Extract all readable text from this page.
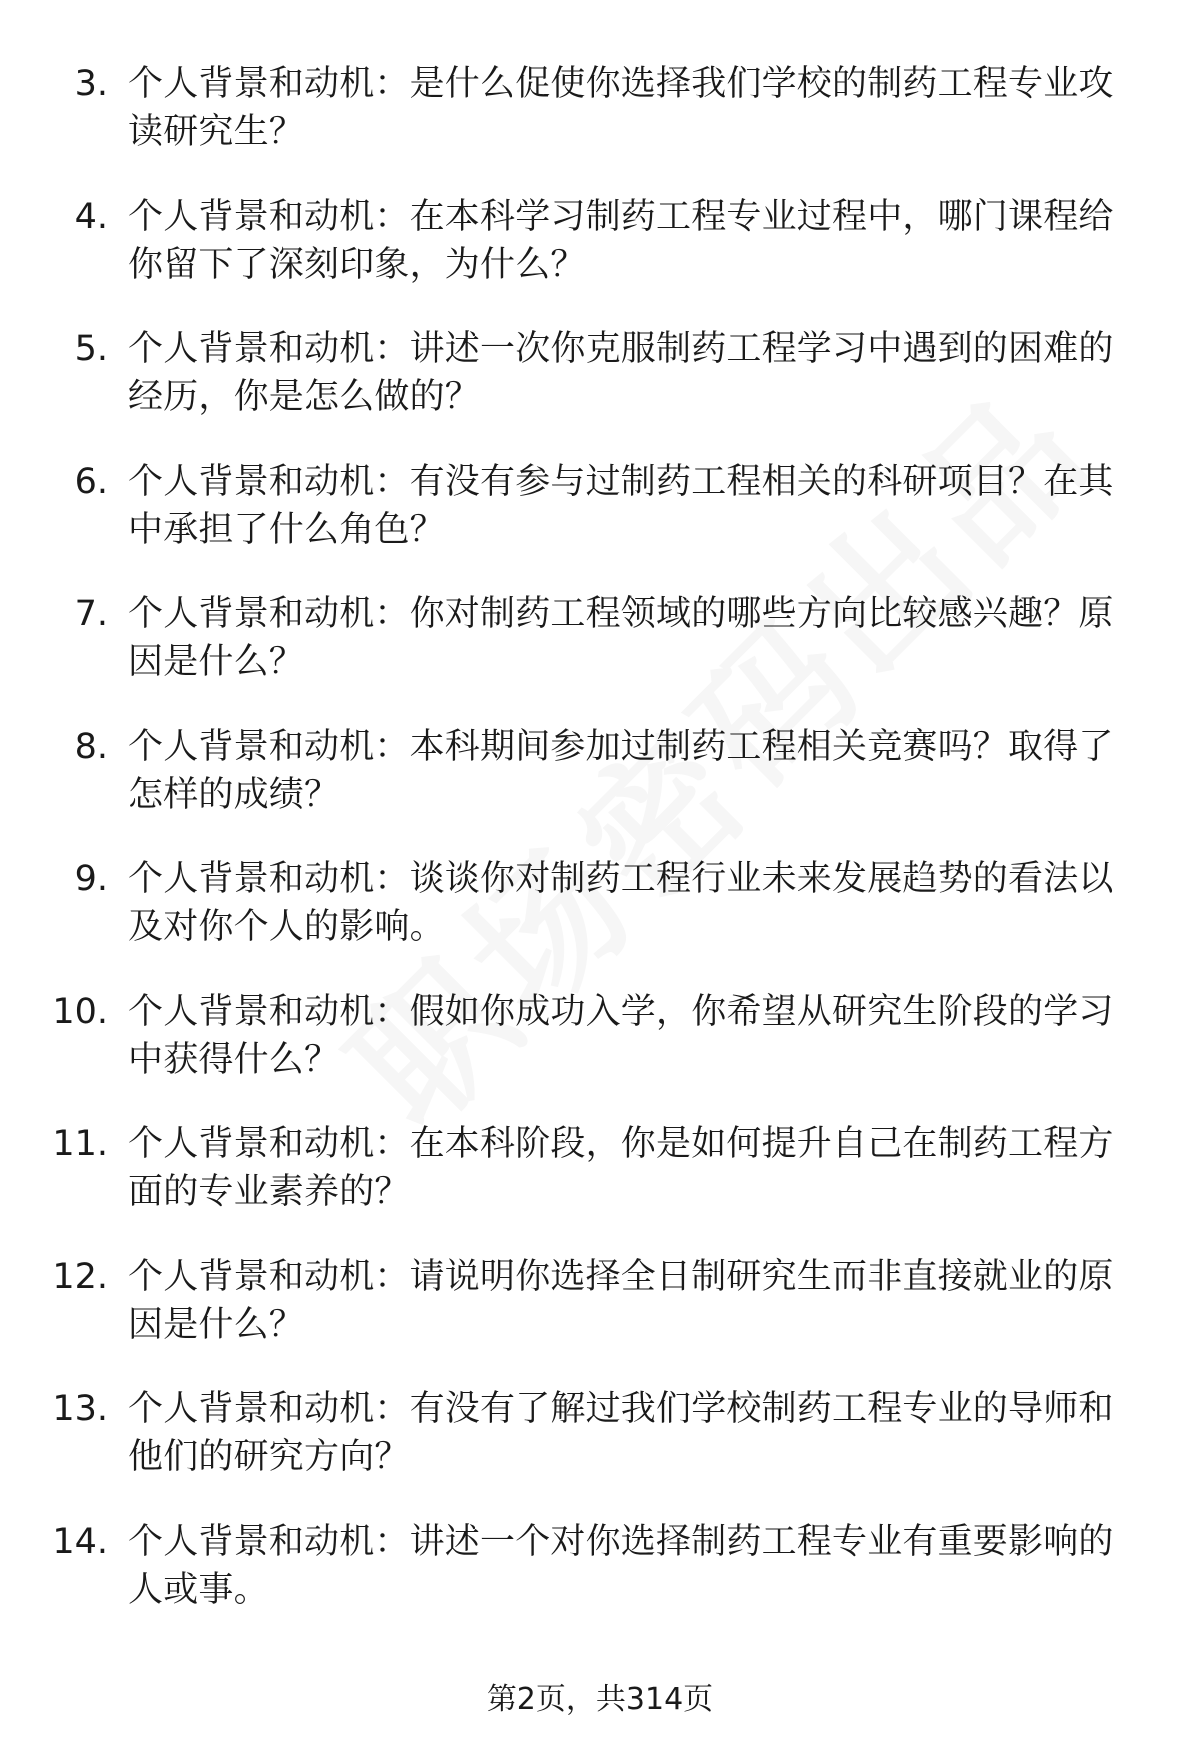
3. 个人背景和动机：是什么促使你选择我们学校的制药工程专业攻读研究生？
4. 个人背景和动机：在本科学习制药工程专业过程中，哪门课程给你留下了深刻印象，为什么？
5. 个人背景和动机：讲述一次你克服制药工程学习中遇到的困难的经历，你是怎么做的？
6. 个人背景和动机：有没有参与过制药工程相关的科研项目？在其中承担了什么角色？
7. 个人背景和动机：你对制药工程领域的哪些方向比较感兴趣？原因是什么？
8. 个人背景和动机：本科期间参加过制药工程相关竞赛吗？取得了怎样的成绩？
9. 个人背景和动机：谈谈你对制药工程行业未来发展趋势的看法以及对你个人的影响。
10. 个人背景和动机：假如你成功入学，你希望从研究生阶段的学习中获得什么？
11. 个人背景和动机：在本科阶段，你是如何提升自己在制药工程方面的专业素养的？
12. 个人背景和动机：请说明你选择全日制研究生而非直接就业的原因是什么？
13. 个人背景和动机：有没有了解过我们学校制药工程专业的导师和他们的研究方向？
14. 个人背景和动机：讲述一个对你选择制药工程专业有重要影响的人或事。
第2页，共314页
